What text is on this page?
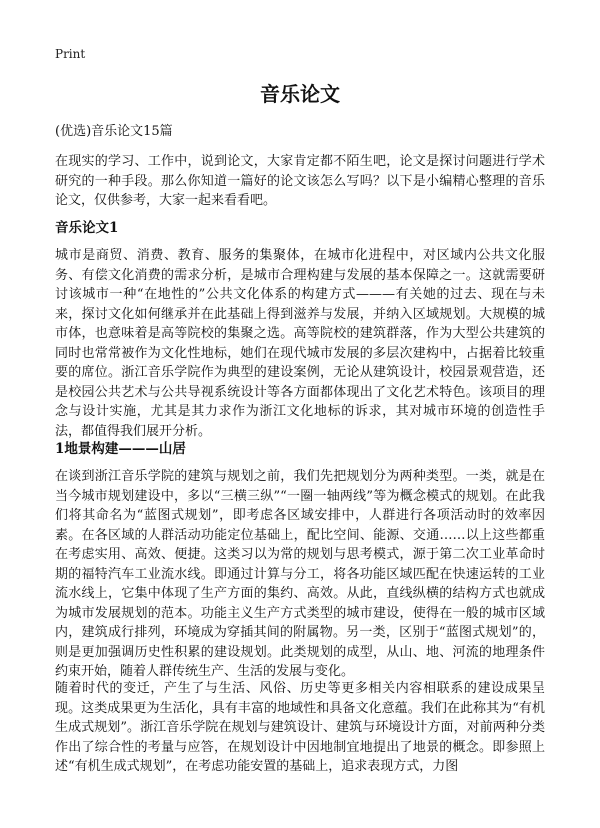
Print
音乐论文
(优选)音乐论文15篇

在现实的学习、工作中，说到论文，大家肯定都不陌生吧，论文是探讨问题进行学术研究的一种手段。那么你知道一篇好的论文该怎么写吗？以下是小编精心整理的音乐论文，仅供参考，大家一起来看看吧。

音乐论文1

城市是商贸、消费、教育、服务的集聚体，在城市化进程中，对区域内公共文化服务、有偿文化消费的需求分析，是城市合理构建与发展的基本保障之一。这就需要研讨该城市一种“在地性的”公共文化体系的构建方式———有关她的过去、现在与未来，探讨文化如何继承并在此基础上得到滋养与发展，并纳入区域规划。大规模的城市体，也意味着是高等院校的集聚之选。高等院校的建筑群落，作为大型公共建筑的同时也常常被作为文化性地标，她们在现代城市发展的多层次建构中，占据着比较重要的席位。浙江音乐学院作为典型的建设案例，无论从建筑设计，校园景观营造，还是校园公共艺术与公共导视系统设计等各方面都体现出了文化艺术特色。该项目的理念与设计实施，尤其是其力求作为浙江文化地标的诉求，其对城市环境的创造性手法，都值得我们展开分析。

1地景构建———山居

在谈到浙江音乐学院的建筑与规划之前，我们先把规划分为两种类型。一类，就是在当今城市规划建设中，多以“三横三纵”“一圈一轴两线”等为概念模式的规划。在此我们将其命名为“蓝图式规划”，即考虑各区域安排中，人群进行各项活动时的效率因素。在各区域的人群活动功能定位基础上，配比空间、能源、交通……以上这些都重在考虑实用、高效、便捷。这类习以为常的规划与思考模式，源于第二次工业革命时期的福特汽车工业流水线。即通过计算与分工，将各功能区域匹配在快速运转的工业流水线上，它集中体现了生产方面的集约、高效。从此，直线纵横的结构方式也就成为城市发展规划的范本。功能主义生产方式类型的城市建设，使得在一般的城市区域内，建筑成行排列，环境成为穿插其间的附属物。另一类，区别于“蓝图式规划”的，则是更加强调历史性积累的建设规划。此类规划的成型，从山、地、河流的地理条件约束开始，随着人群传统生产、生活的发展与变化。

随着时代的变迁，产生了与生活、风俗、历史等更多相关内容相联系的建设成果呈现。这类成果更为生活化，具有丰富的地域性和具备文化意蕴。我们在此称其为“有机生成式规划”。浙江音乐学院在规划与建筑设计、建筑与环境设计方面，对前两种分类作出了综合性的考量与应答，在规划设计中因地制宜地提出了地景的概念。即参照上述“有机生成式规划”，在考虑功能安置的基础上，追求表现方式，力图
